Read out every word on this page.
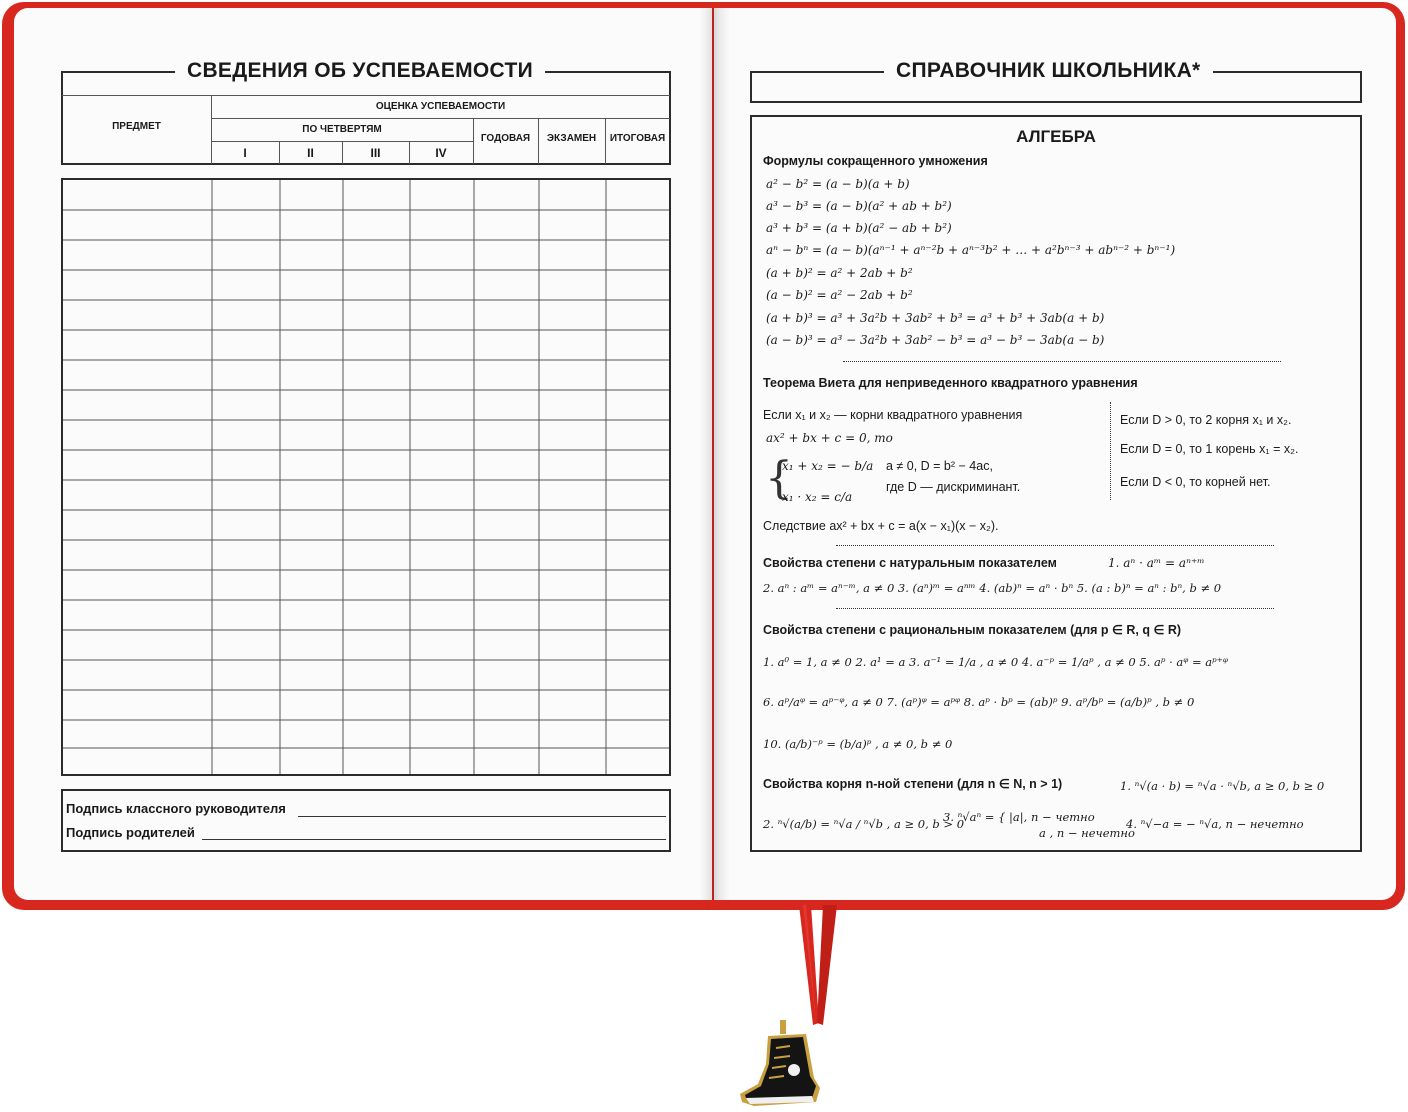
СВЕДЕНИЯ ОБ УСПЕВАЕМОСТИ
ПРЕДМЕТ
ОЦЕНКА УСПЕВАЕМОСТИ
ПО ЧЕТВЕРТЯМ
I	II	III	IV
ГОДОВАЯ	ЭКЗАМЕН	ИТОГОВАЯ
Подпись классного руководителя
Подпись родителей
СПРАВОЧНИК ШКОЛЬНИКА*
АЛГЕБРА
Формулы сокращенного умножения
a² − b² = (a − b)(a + b)
a³ − b³ = (a − b)(a² + ab + b²)
a³ + b³ = (a + b)(a² − ab + b²)
aⁿ − bⁿ = (a − b)(aⁿ⁻¹ + aⁿ⁻²b + aⁿ⁻³b² + … + a²bⁿ⁻³ + abⁿ⁻² + bⁿ⁻¹)
(a + b)² = a² + 2ab + b²
(a − b)² = a² − 2ab + b²
(a + b)³ = a³ + 3a²b + 3ab² + b³ = a³ + b³ + 3ab(a + b)
(a − b)³ = a³ − 3a²b + 3ab² − b³ = a³ − b³ − 3ab(a − b)
Теорема Виета для неприведенного квадратного уравнения
Если x₁ и x₂ — корни квадратного уравнения
ax² + bx + c = 0, то
{
x₁ + x₂ = − b/a
x₁ · x₂ = c/a
a ≠ 0, D = b² − 4ac,
где D — дискриминант.
Если D > 0, то 2 корня x₁ и x₂.
Если D = 0, то 1 корень x₁ = x₂.
Если D < 0, то корней нет.
Следствие ax² + bx + c = a(x − x₁)(x − x₂).
Свойства степени с натуральным показателем	1. aⁿ · aᵐ = aⁿ⁺ᵐ
2. aⁿ : aᵐ = aⁿ⁻ᵐ, a ≠ 0 3. (aⁿ)ᵐ = aⁿᵐ 4. (ab)ⁿ = aⁿ · bⁿ 5. (a : b)ⁿ = aⁿ : bⁿ, b ≠ 0
Свойства степени с рациональным показателем (для p ∈ R, q ∈ R)
1. a⁰ = 1, a ≠ 0 2. a¹ = a 3. a⁻¹ = 1/a , a ≠ 0 4. a⁻ᵖ = 1/aᵖ , a ≠ 0 5. aᵖ · aᵠ = aᵖ⁺ᵠ
6. aᵖ/aᵠ = aᵖ⁻ᵠ, a ≠ 0 7. (aᵖ)ᵠ = aᵖᵠ 8. aᵖ · bᵖ = (ab)ᵖ 9. aᵖ/bᵖ = (a/b)ᵖ , b ≠ 0
10. (a/b)⁻ᵖ = (b/a)ᵖ , a ≠ 0, b ≠ 0
Свойства корня n-ной степени (для n ∈ N, n > 1)	1. ⁿ√(a · b) = ⁿ√a · ⁿ√b, a ≥ 0, b ≥ 0
2. ⁿ√(a/b) = ⁿ√a / ⁿ√b , a ≥ 0, b > 0
3. ⁿ√aⁿ = { |a|, n − четно
a , n − нечетно
4. ⁿ√−a = − ⁿ√a, n − нечетно
